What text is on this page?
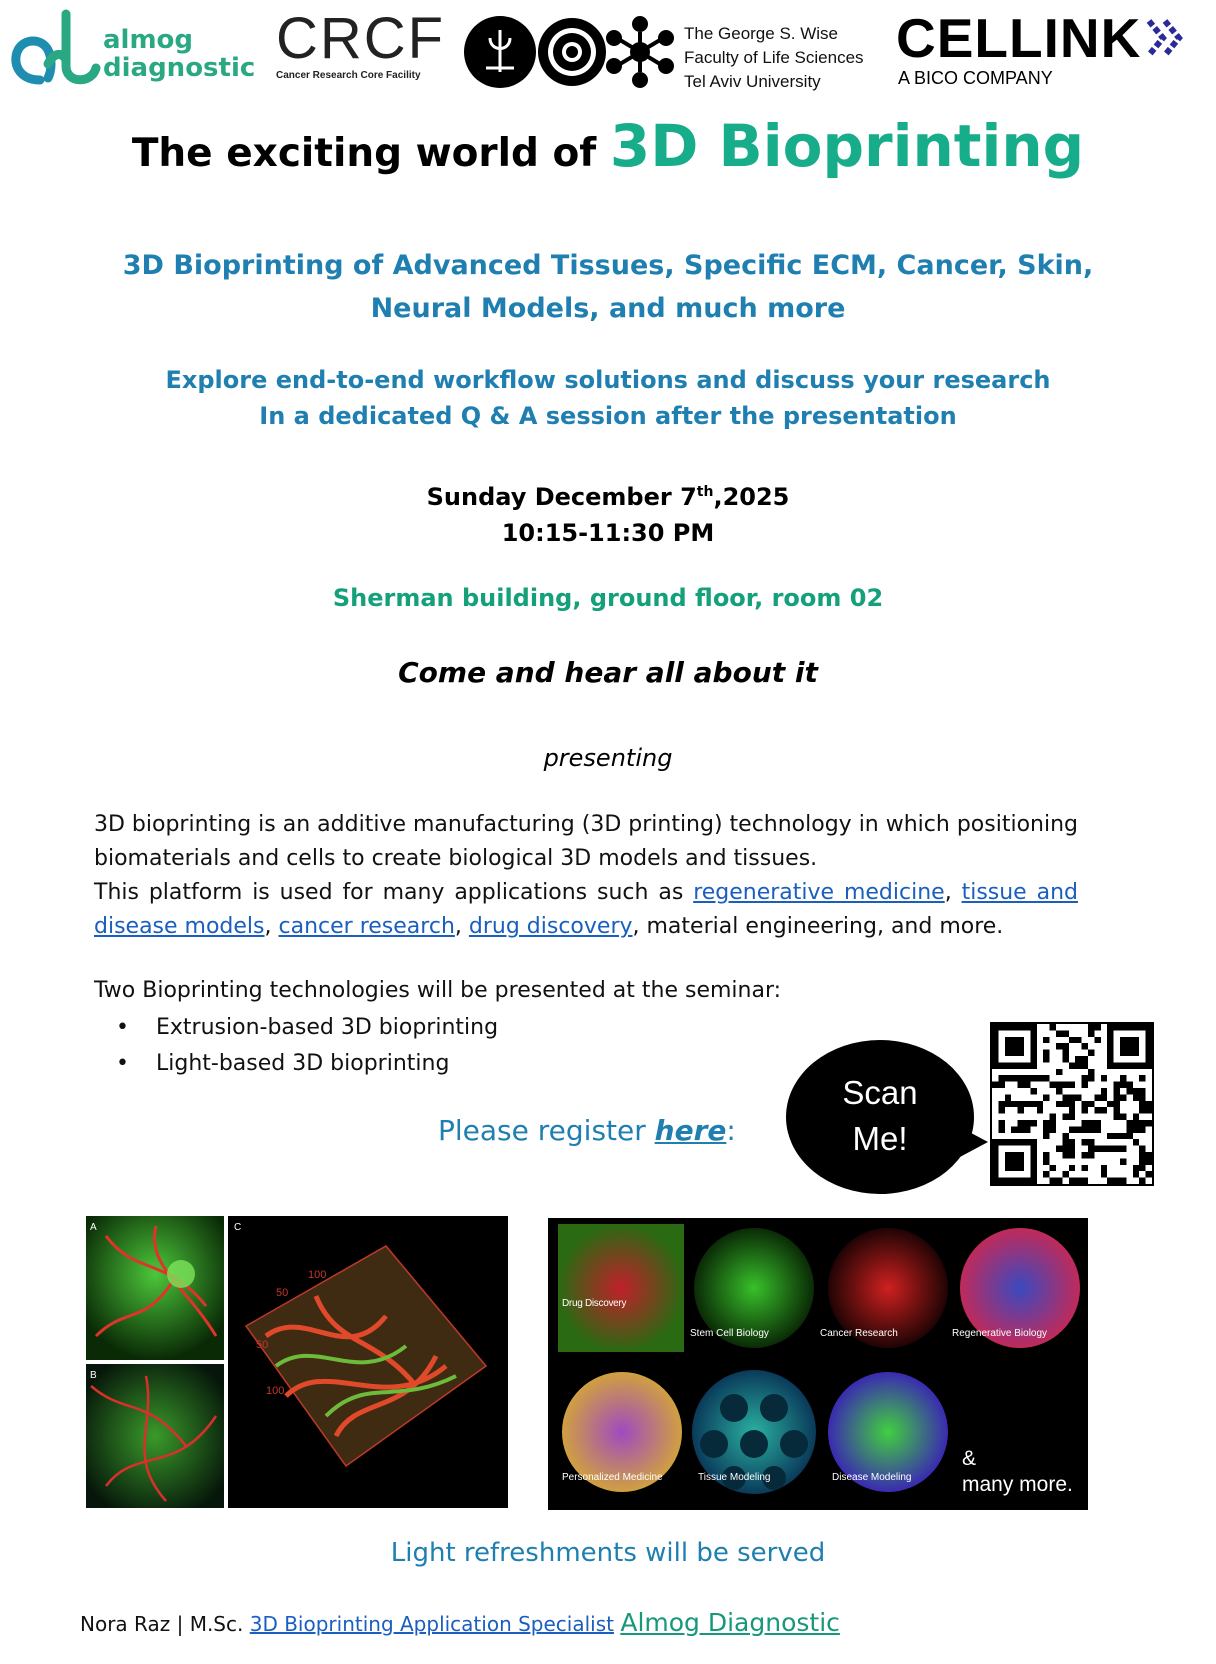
almog
diagnostic CRCF
Cancer Research Core Facility
The George S. Wise
Faculty of Life Sciences
Tel Aviv University
CELLINK
A BICO COMPANY
The exciting world of 3D Bioprinting
3D Bioprinting of Advanced Tissues, Specific ECM, Cancer, Skin,
Neural Models, and much more
Explore end-to-end workflow solutions and discuss your research
In a dedicated Q & A session after the presentation
Sunday December 7th,2025
10:15-11:30 PM
Sherman building, ground floor, room 02
Come and hear all about it
presenting
3D bioprinting is an additive manufacturing (3D printing) technology in which positioning biomaterials and cells to create biological 3D models and tissues.
This platform is used for many applications such as regenerative medicine, tissue and disease models, cancer research, drug discovery, material engineering, and more.
Two Bioprinting technologies will be presented at the seminar:
• Extrusion-based 3D bioprinting
• Light-based 3D bioprinting
Please register here:
Scan
Me!
A
B
C
100
50
50
100
Drug Discovery
Stem Cell Biology	Cancer Research	Regenerative Biology
Personalized Medicine	Tissue Modeling	Disease Modeling
&
many more.
Light refreshments will be served
Nora Raz | M.Sc. 3D Bioprinting Application Specialist Almog Diagnostic
